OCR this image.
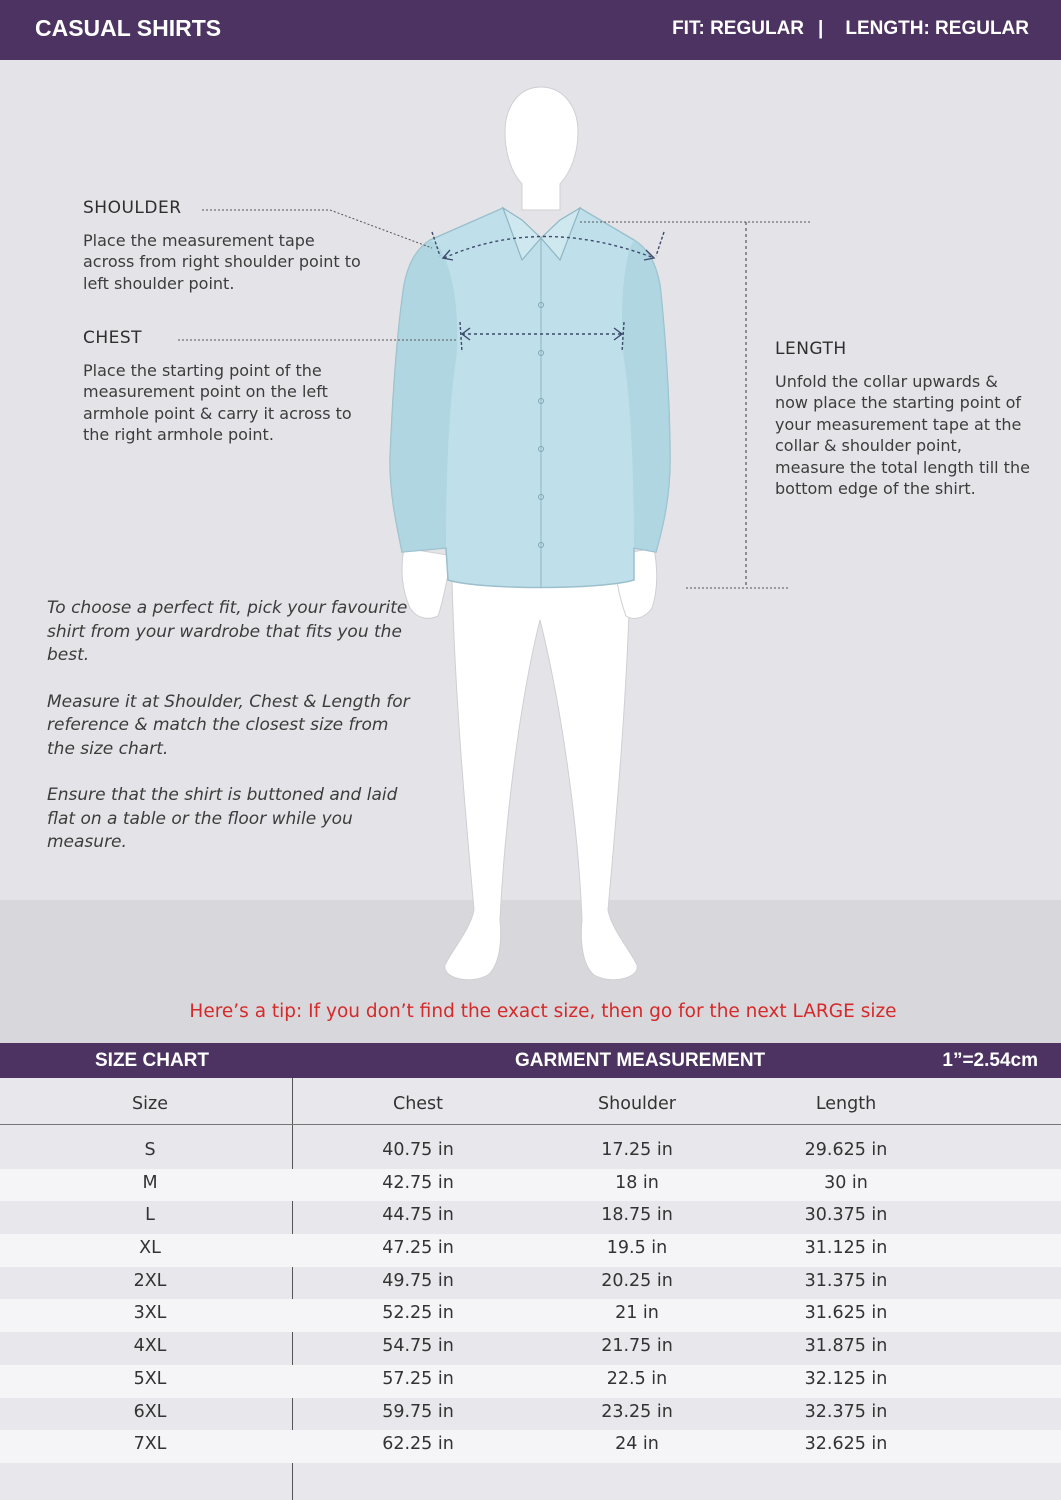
CASUAL SHIRTS	FIT: REGULAR | LENGTH: REGULAR
SHOULDER
Place the measurement tape across from right shoulder point to left shoulder point.
CHEST
Place the starting point of the measurement point on the left armhole point & carry it across to the right armhole point.
LENGTH
Unfold the collar upwards & now place the starting point of your measurement tape at the collar & shoulder point, measure the total length till the bottom edge of the shirt.

To choose a perfect fit, pick your favourite shirt from your wardrobe that fits you the best.

Measure it at Shoulder, Chest & Length for reference & match the closest size from the size chart.

Ensure that the shirt is buttoned and laid flat on a table or the floor while you measure.

Here’s a tip: If you don’t find the exact size, then go for the next LARGE size
SIZE CHART	GARMENT MEASUREMENT	1”=2.54cm
Size	Chest	Shoulder	Length
S	40.75 in	17.25 in	29.625 in
M	42.75 in	18 in	30 in
L	44.75 in	18.75 in	30.375 in
XL	47.25 in	19.5 in	31.125 in
2XL	49.75 in	20.25 in	31.375 in
3XL	52.25 in	21 in	31.625 in
4XL	54.75 in	21.75 in	31.875 in
5XL	57.25 in	22.5 in	32.125 in
6XL	59.75 in	23.25 in	32.375 in
7XL	62.25 in	24 in	32.625 in
